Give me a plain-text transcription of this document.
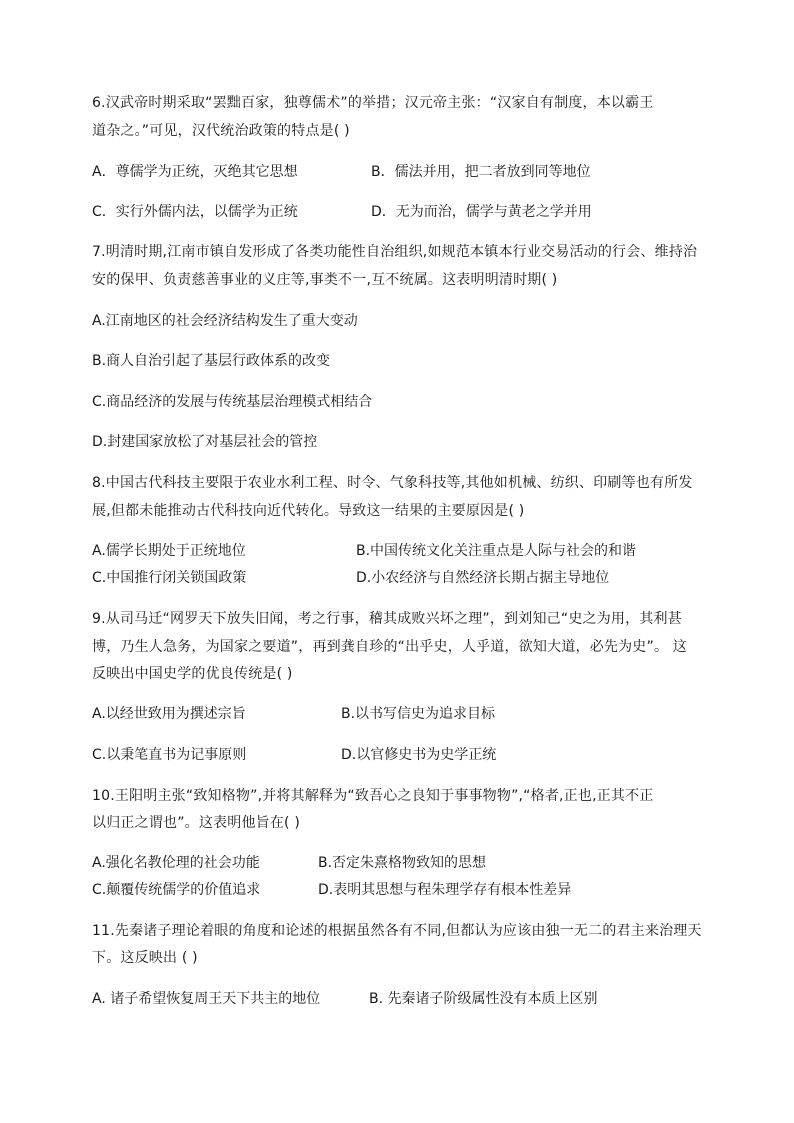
6.汉武帝时期采取“罢黜百家，独尊儒术”的举措；汉元帝主张：“汉家自有制度，本以霸王
道杂之。”可见，汉代统治政策的特点是( )
A．尊儒学为正统，灭绝其它思想	B．儒法并用，把二者放到同等地位
C．实行外儒内法，以儒学为正统	D．无为而治，儒学与黄老之学并用
7.明清时期,江南市镇自发形成了各类功能性自治组织,如规范本镇本行业交易活动的行会、维持治
安的保甲、负责慈善事业的义庄等,事类不一,互不统属。这表明明清时期( )
A.江南地区的社会经济结构发生了重大变动
B.商人自治引起了基层行政体系的改变
C.商品经济的发展与传统基层治理模式相结合
D.封建国家放松了对基层社会的管控
8.中国古代科技主要限于农业水利工程、时令、气象科技等,其他如机械、纺织、印刷等也有所发
展,但都未能推动古代科技向近代转化。导致这一结果的主要原因是( )
A.儒学长期处于正统地位	B.中国传统文化关注重点是人际与社会的和谐
C.中国推行闭关锁国政策	D.小农经济与自然经济长期占据主导地位
9.从司马迁“网罗天下放失旧闻，考之行事，稽其成败兴坏之理”，到刘知己“史之为用，其利甚
博，乃生人急务，为国家之要道”，再到龚自珍的“出乎史，人乎道，欲知大道，必先为史”。 这
反映出中国史学的优良传统是( )
A.以经世致用为撰述宗旨	B.以书写信史为追求目标
C.以秉笔直书为记事原则	D.以官修史书为史学正统
10.王阳明主张“致知格物”,并将其解释为“致吾心之良知于事事物物”,“格者,正也,正其不正
以归正之谓也”。这表明他旨在( )
A.强化名教伦理的社会功能	B.否定朱熹格物致知的思想
C.颠覆传统儒学的价值追求	D.表明其思想与程朱理学存有根本性差异
11.先秦诸子理论着眼的角度和论述的根据虽然各有不同,但都认为应该由独一无二的君主来治理天
下。这反映出 ( )
A. 诸子希望恢复周王天下共主的地位	B. 先秦诸子阶级属性没有本质上区别
